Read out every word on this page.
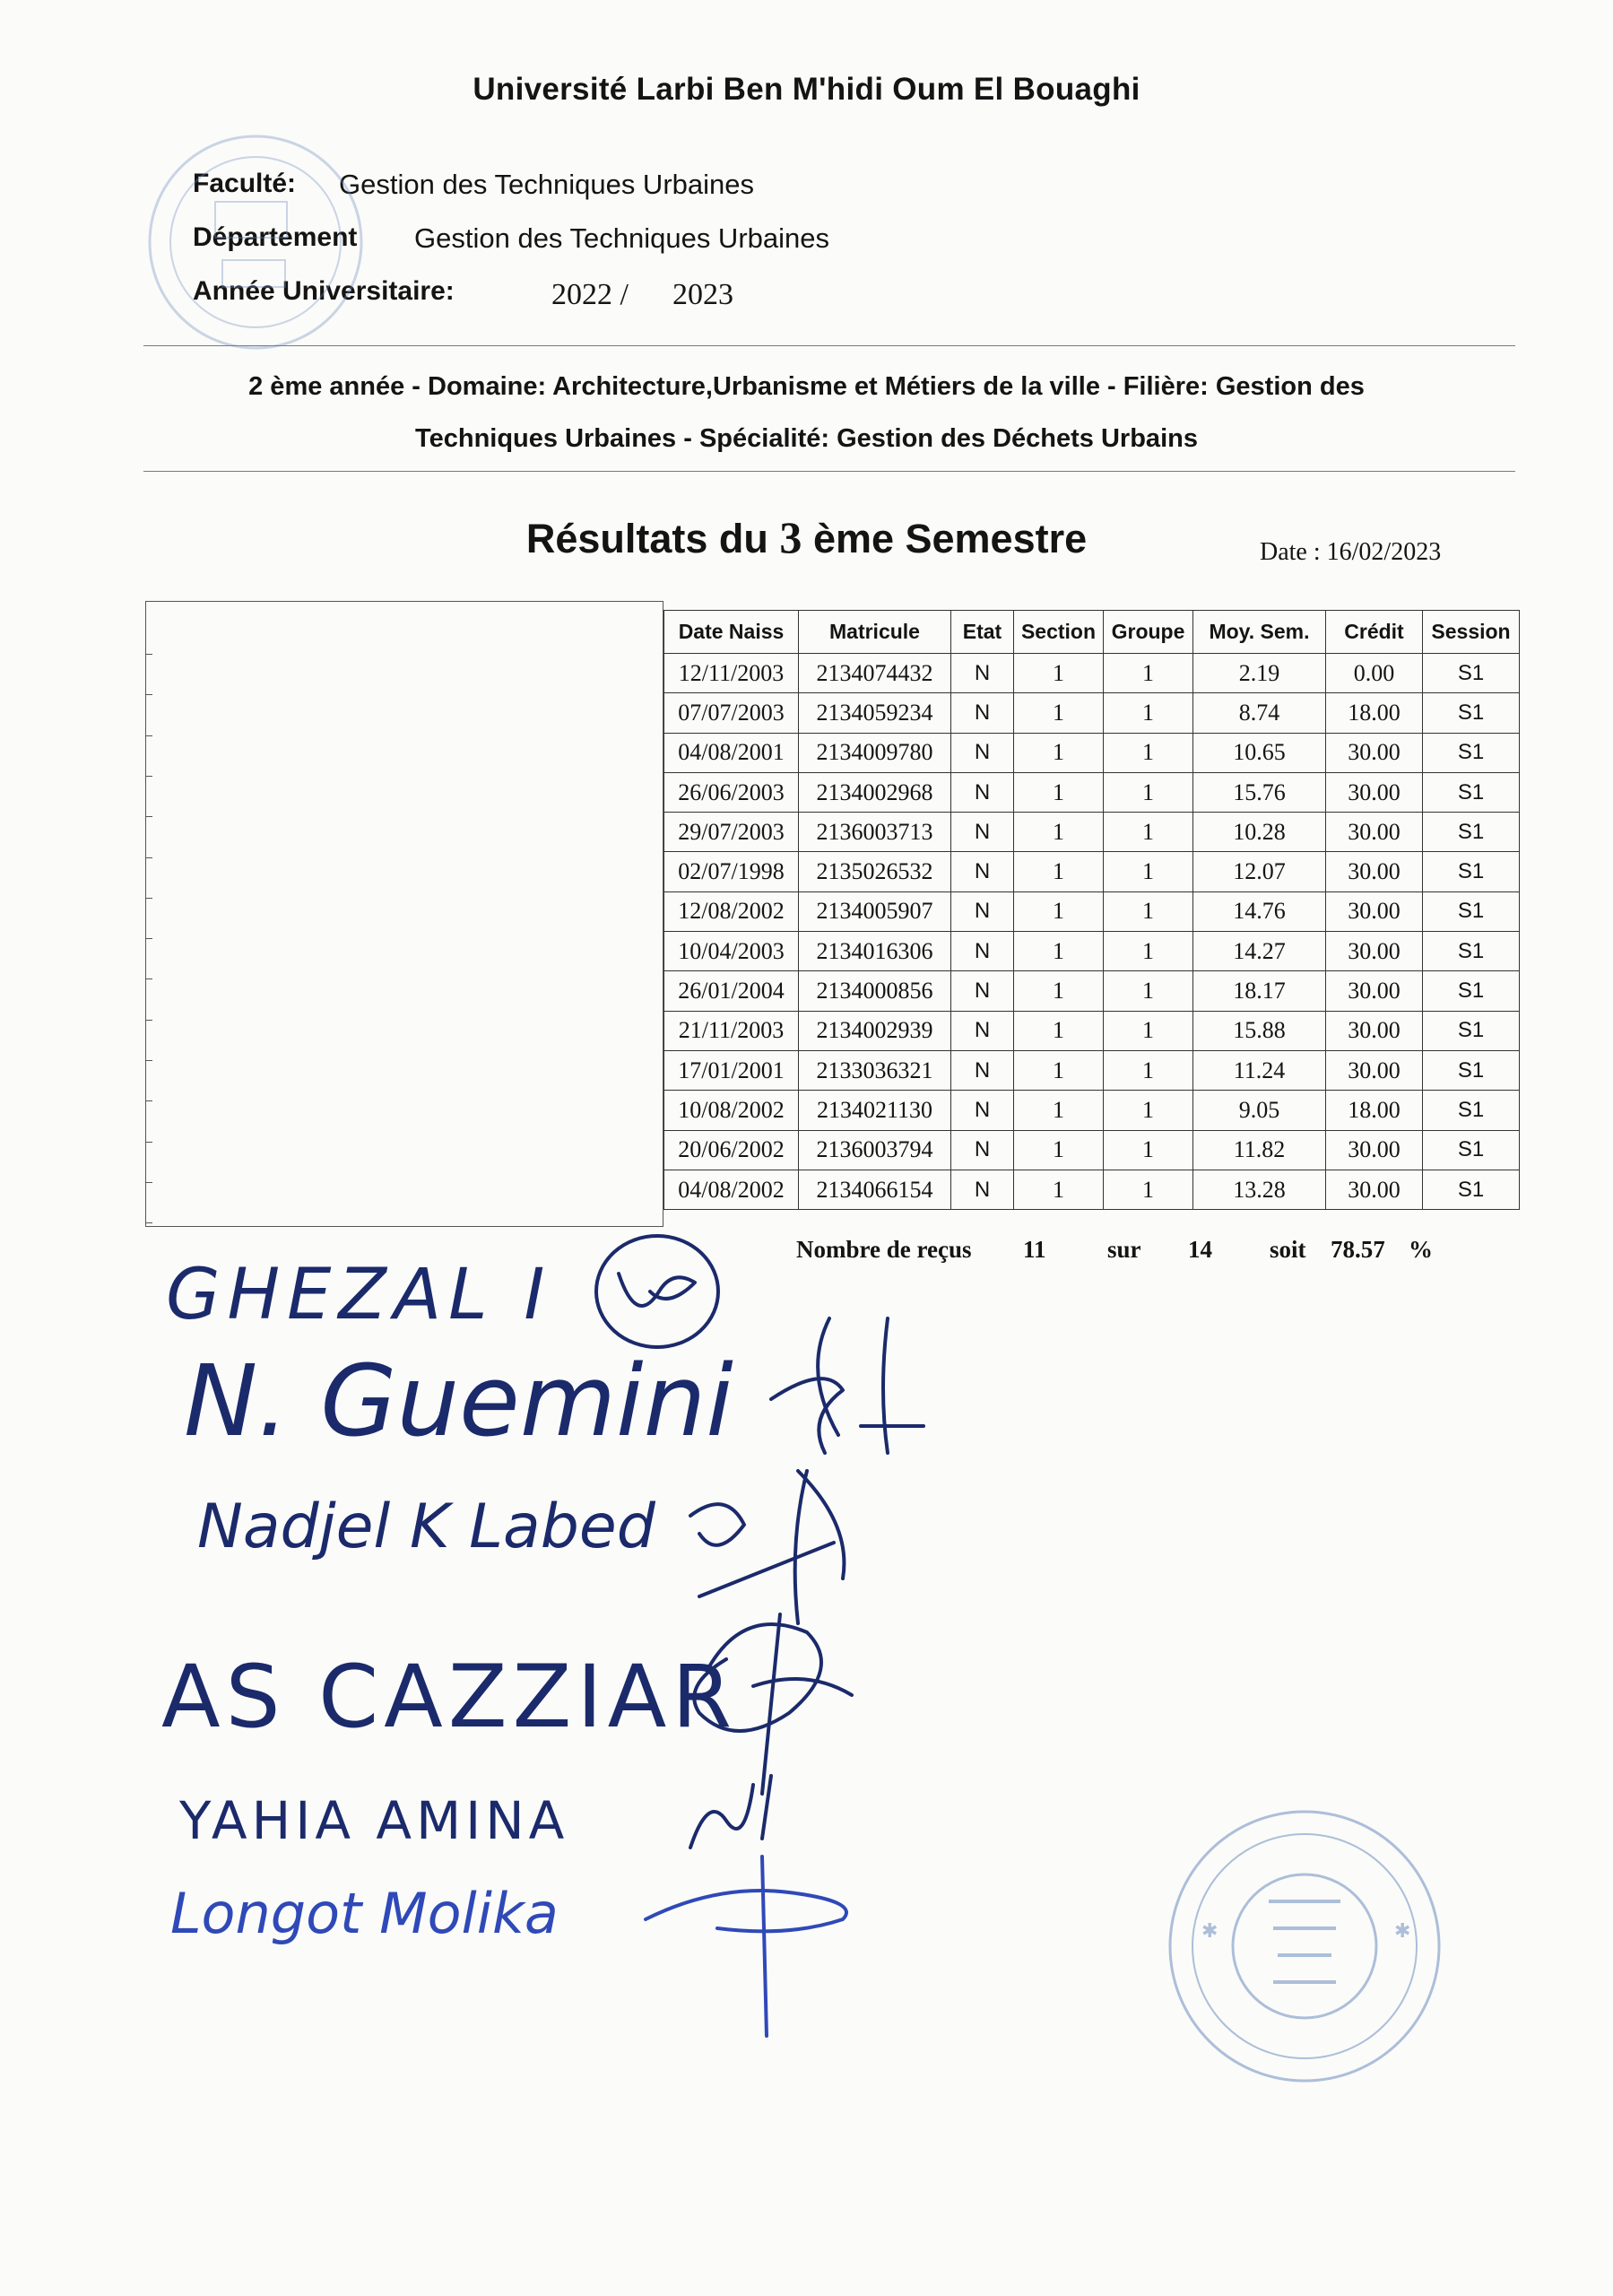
Université Larbi Ben M'hidi Oum El Bouaghi
Faculté: Gestion des Techniques Urbaines
Département Gestion des Techniques Urbaines
Année Universitaire:	2022 / 2023
2 ème année - Domaine: Architecture,Urbanisme et Métiers de la ville - Filière: Gestion des
Techniques Urbaines - Spécialité: Gestion des Déchets Urbains
Résultats du 3 ème Semestre	Date : 16/02/2023
Date Naiss	Matricule	Etat	Section	Groupe	Moy. Sem.	Crédit	Session
12/11/2003	2134074432	N	1	1	2.19	0.00	S1
07/07/2003	2134059234	N	1	1	8.74	18.00	S1
04/08/2001	2134009780	N	1	1	10.65	30.00	S1
26/06/2003	2134002968	N	1	1	15.76	30.00	S1
29/07/2003	2136003713	N	1	1	10.28	30.00	S1
02/07/1998	2135026532	N	1	1	12.07	30.00	S1
12/08/2002	2134005907	N	1	1	14.76	30.00	S1
10/04/2003	2134016306	N	1	1	14.27	30.00	S1
26/01/2004	2134000856	N	1	1	18.17	30.00	S1
21/11/2003	2134002939	N	1	1	15.88	30.00	S1
17/01/2001	2133036321	N	1	1	11.24	30.00	S1
10/08/2002	2134021130	N	1	1	9.05	18.00	S1
20/06/2002	2136003794	N	1	1	11.82	30.00	S1
04/08/2002	2134066154	N	1	1	13.28	30.00	S1
Nombre de reçus 11	sur 14 soit 78.57 %
✱	✱
GHEZAL I
N. Guemini
Nadjel K Labed
AS CAZZIAR
YAHIA AMINA
Longot Molika
